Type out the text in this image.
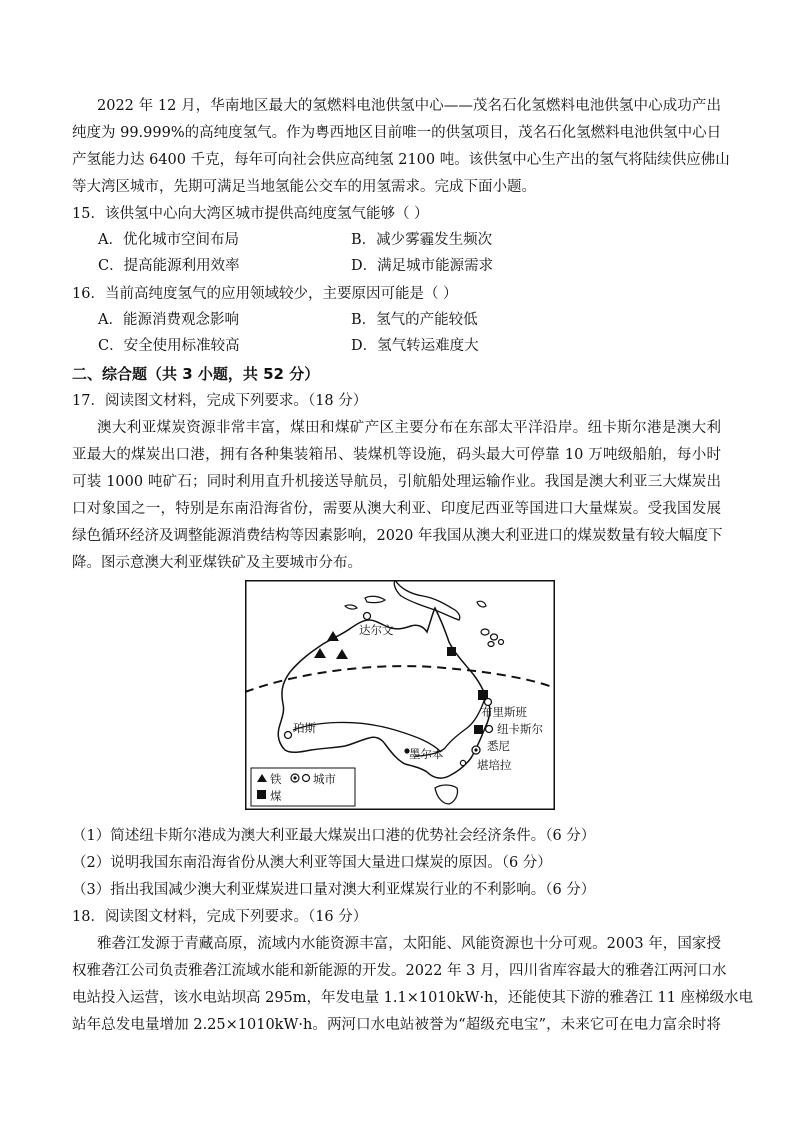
2022 年 12 月，华南地区最大的氢燃料电池供氢中心——茂名石化氢燃料电池供氢中心成功产出
纯度为 99.999%的高纯度氢气。作为粤西地区目前唯一的供氢项目，茂名石化氢燃料电池供氢中心日
产氢能力达 6400 千克，每年可向社会供应高纯氢 2100 吨。该供氢中心生产出的氢气将陆续供应佛山
等大湾区城市，先期可满足当地氢能公交车的用氢需求。完成下面小题。
15．该供氢中心向大湾区城市提供高纯度氢气能够（ ）
A．优化城市空间布局	B．减少雾霾发生频次
C．提高能源利用效率	D．满足城市能源需求
16．当前高纯度氢气的应用领域较少，主要原因可能是（ ）
A．能源消费观念影响	B．氢气的产能较低
C．安全使用标准较高	D．氢气转运难度大
二、综合题（共 3 小题，共 52 分）
17．阅读图文材料，完成下列要求。（18 分）
澳大利亚煤炭资源非常丰富，煤田和煤矿产区主要分布在东部太平洋沿岸。纽卡斯尔港是澳大利
亚最大的煤炭出口港，拥有各种集装箱吊、装煤机等设施，码头最大可停靠 10 万吨级船舶，每小时
可装 1000 吨矿石；同时利用直升机接送导航员，引航船处理运输作业。我国是澳大利亚三大煤炭出
口对象国之一，特别是东南沿海省份，需要从澳大利亚、印度尼西亚等国进口大量煤炭。受我国发展
绿色循环经济及调整能源消费结构等因素影响，2020 年我国从澳大利亚进口的煤炭数量有较大幅度下
降。图示意澳大利亚煤铁矿及主要城市分布。
达尔文
布里斯班
纽卡斯尔
悉尼
堪培拉
墨尔本
珀斯
铁	城市
煤
（1）简述纽卡斯尔港成为澳大利亚最大煤炭出口港的优势社会经济条件。（6 分）
（2）说明我国东南沿海省份从澳大利亚等国大量进口煤炭的原因。（6 分）
（3）指出我国减少澳大利亚煤炭进口量对澳大利亚煤炭行业的不利影响。（6 分）
18．阅读图文材料，完成下列要求。（16 分）
雅砻江发源于青藏高原，流域内水能资源丰富，太阳能、风能资源也十分可观。2003 年，国家授
权雅砻江公司负责雅砻江流域水能和新能源的开发。2022 年 3 月，四川省库容最大的雅砻江两河口水
电站投入运营，该水电站坝高 295m，年发电量 1.1×1010kW·h，还能使其下游的雅砻江 11 座梯级水电
站年总发电量增加 2.25×1010kW·h。两河口水电站被誉为“超级充电宝”，未来它可在电力富余时将
